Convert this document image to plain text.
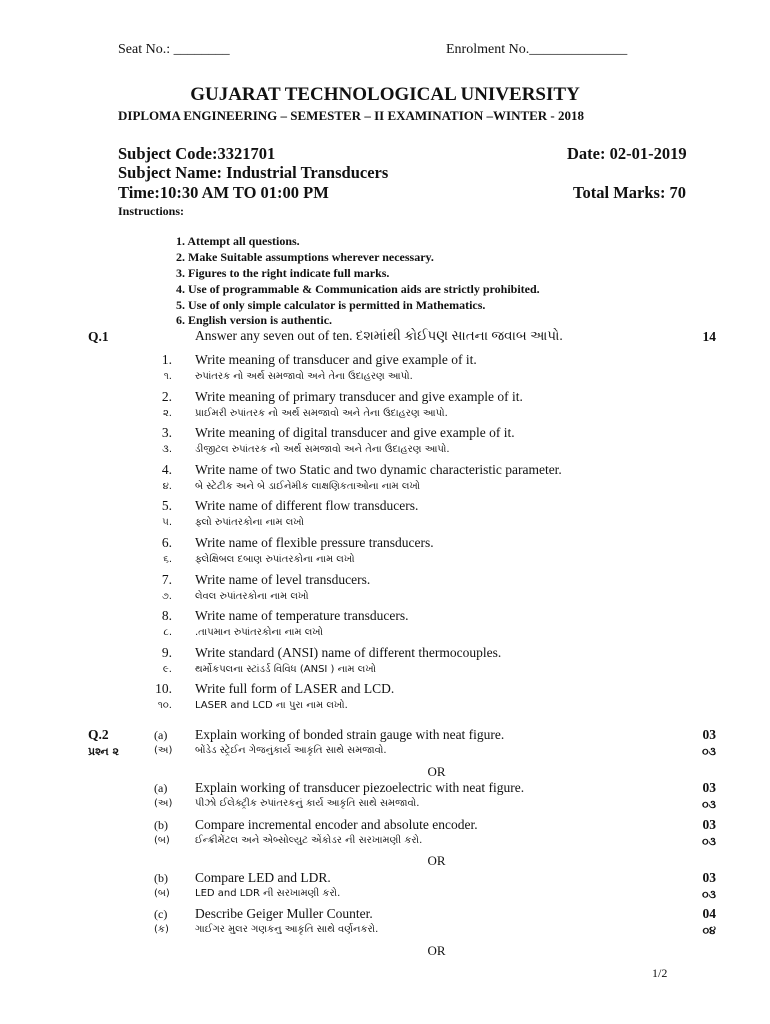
Seat No.: ________	Enrolment No.______________
GUJARAT TECHNOLOGICAL UNIVERSITY
DIPLOMA ENGINEERING – SEMESTER – II EXAMINATION –WINTER - 2018
Subject Code:3321701	Date: 02-01-2019
Subject Name: Industrial Transducers
Time:10:30 AM TO 01:00 PM	Total Marks: 70
Instructions:
1. Attempt all questions.
2. Make Suitable assumptions wherever necessary.
3. Figures to the right indicate full marks.
4. Use of programmable & Communication aids are strictly prohibited.
5. Use of only simple calculator is permitted in Mathematics.
6. English version is authentic.
Q.1	Answer any seven out of ten. દશમાંથી કોઈપણ સાતના જવાબ આપો.	14
1. Write meaning of transducer and give example of it.
૧. રુપાંતરક નો અર્થ સમજાવો અને તેના ઉદાહરણ આપો.
2. Write meaning of primary transducer and give example of it.
૨. પ્રાઈમરી રુપાંતરક નો અર્થ સમજાવો અને તેના ઉદાહરણ આપો.
3. Write meaning of digital transducer and give example of it.
૩. ડીજીટલ રુપાંતરક નો અર્થ સમજાવો અને તેના ઉદાહરણ આપો.
4. Write name of two Static and two dynamic characteristic parameter.
૪. બે સ્ટેટીક અને બે ડાઈનેમીક લાક્ષણિકતાઓના નામ લખો
5. Write name of different flow transducers.
૫. ફ્લો રુપાંતરકોના નામ લખો
6. Write name of flexible pressure transducers.
૬. ફ્લેક્ષિબલ દબાણ રુપાંતરકોના નામ લખો
7. Write name of level transducers.
૭. લેવલ રુપાંતરકોના નામ લખો
8. Write name of temperature transducers.
૮. .તાપમાન રુપાંતરકોના નામ લખો
9. Write standard (ANSI) name of different thermocouples.
૯. થર્મોકપલના સ્ટાંડર્ડ વિવિધ (ANSI ) નામ લખો
10. Write full form of LASER and LCD.
૧૦. LASER and LCD ના પુરા નામ લખો.
Q.2
પ્રશ્ન ૨
(a) Explain working of bonded strain gauge with neat figure.	03
(અ) બોંડેડ સ્ટ્રેઈન ગેજનુંકાર્ય આકૃતિ સાથે સમજાવો.	૦૩
(a) Explain working of transducer piezoelectric with neat figure.	03
(અ) પીઝો ઈલેક્ટ્રીક રુપાંતરકનું કાર્ય આકૃતિ સાથે સમજાવો.	૦૩
(b) Compare incremental encoder and absolute encoder.	03
(બ)	ઈન્ક્રીમેંટલ અને એબ્સોલ્યુટ એંકોડર ની સરખામણી કરો.	૦૩
(b) Compare LED and LDR.	03
(બ)	LED and LDR ની સરખામણી કરો.	૦૩
(c) Describe Geiger Muller Counter.	04
(ક)	ગાઈગર મુલર ગણકનુ આકૃતિ સાથે વર્ણનકરો.	૦૪
OR
OR
OR
1/2
